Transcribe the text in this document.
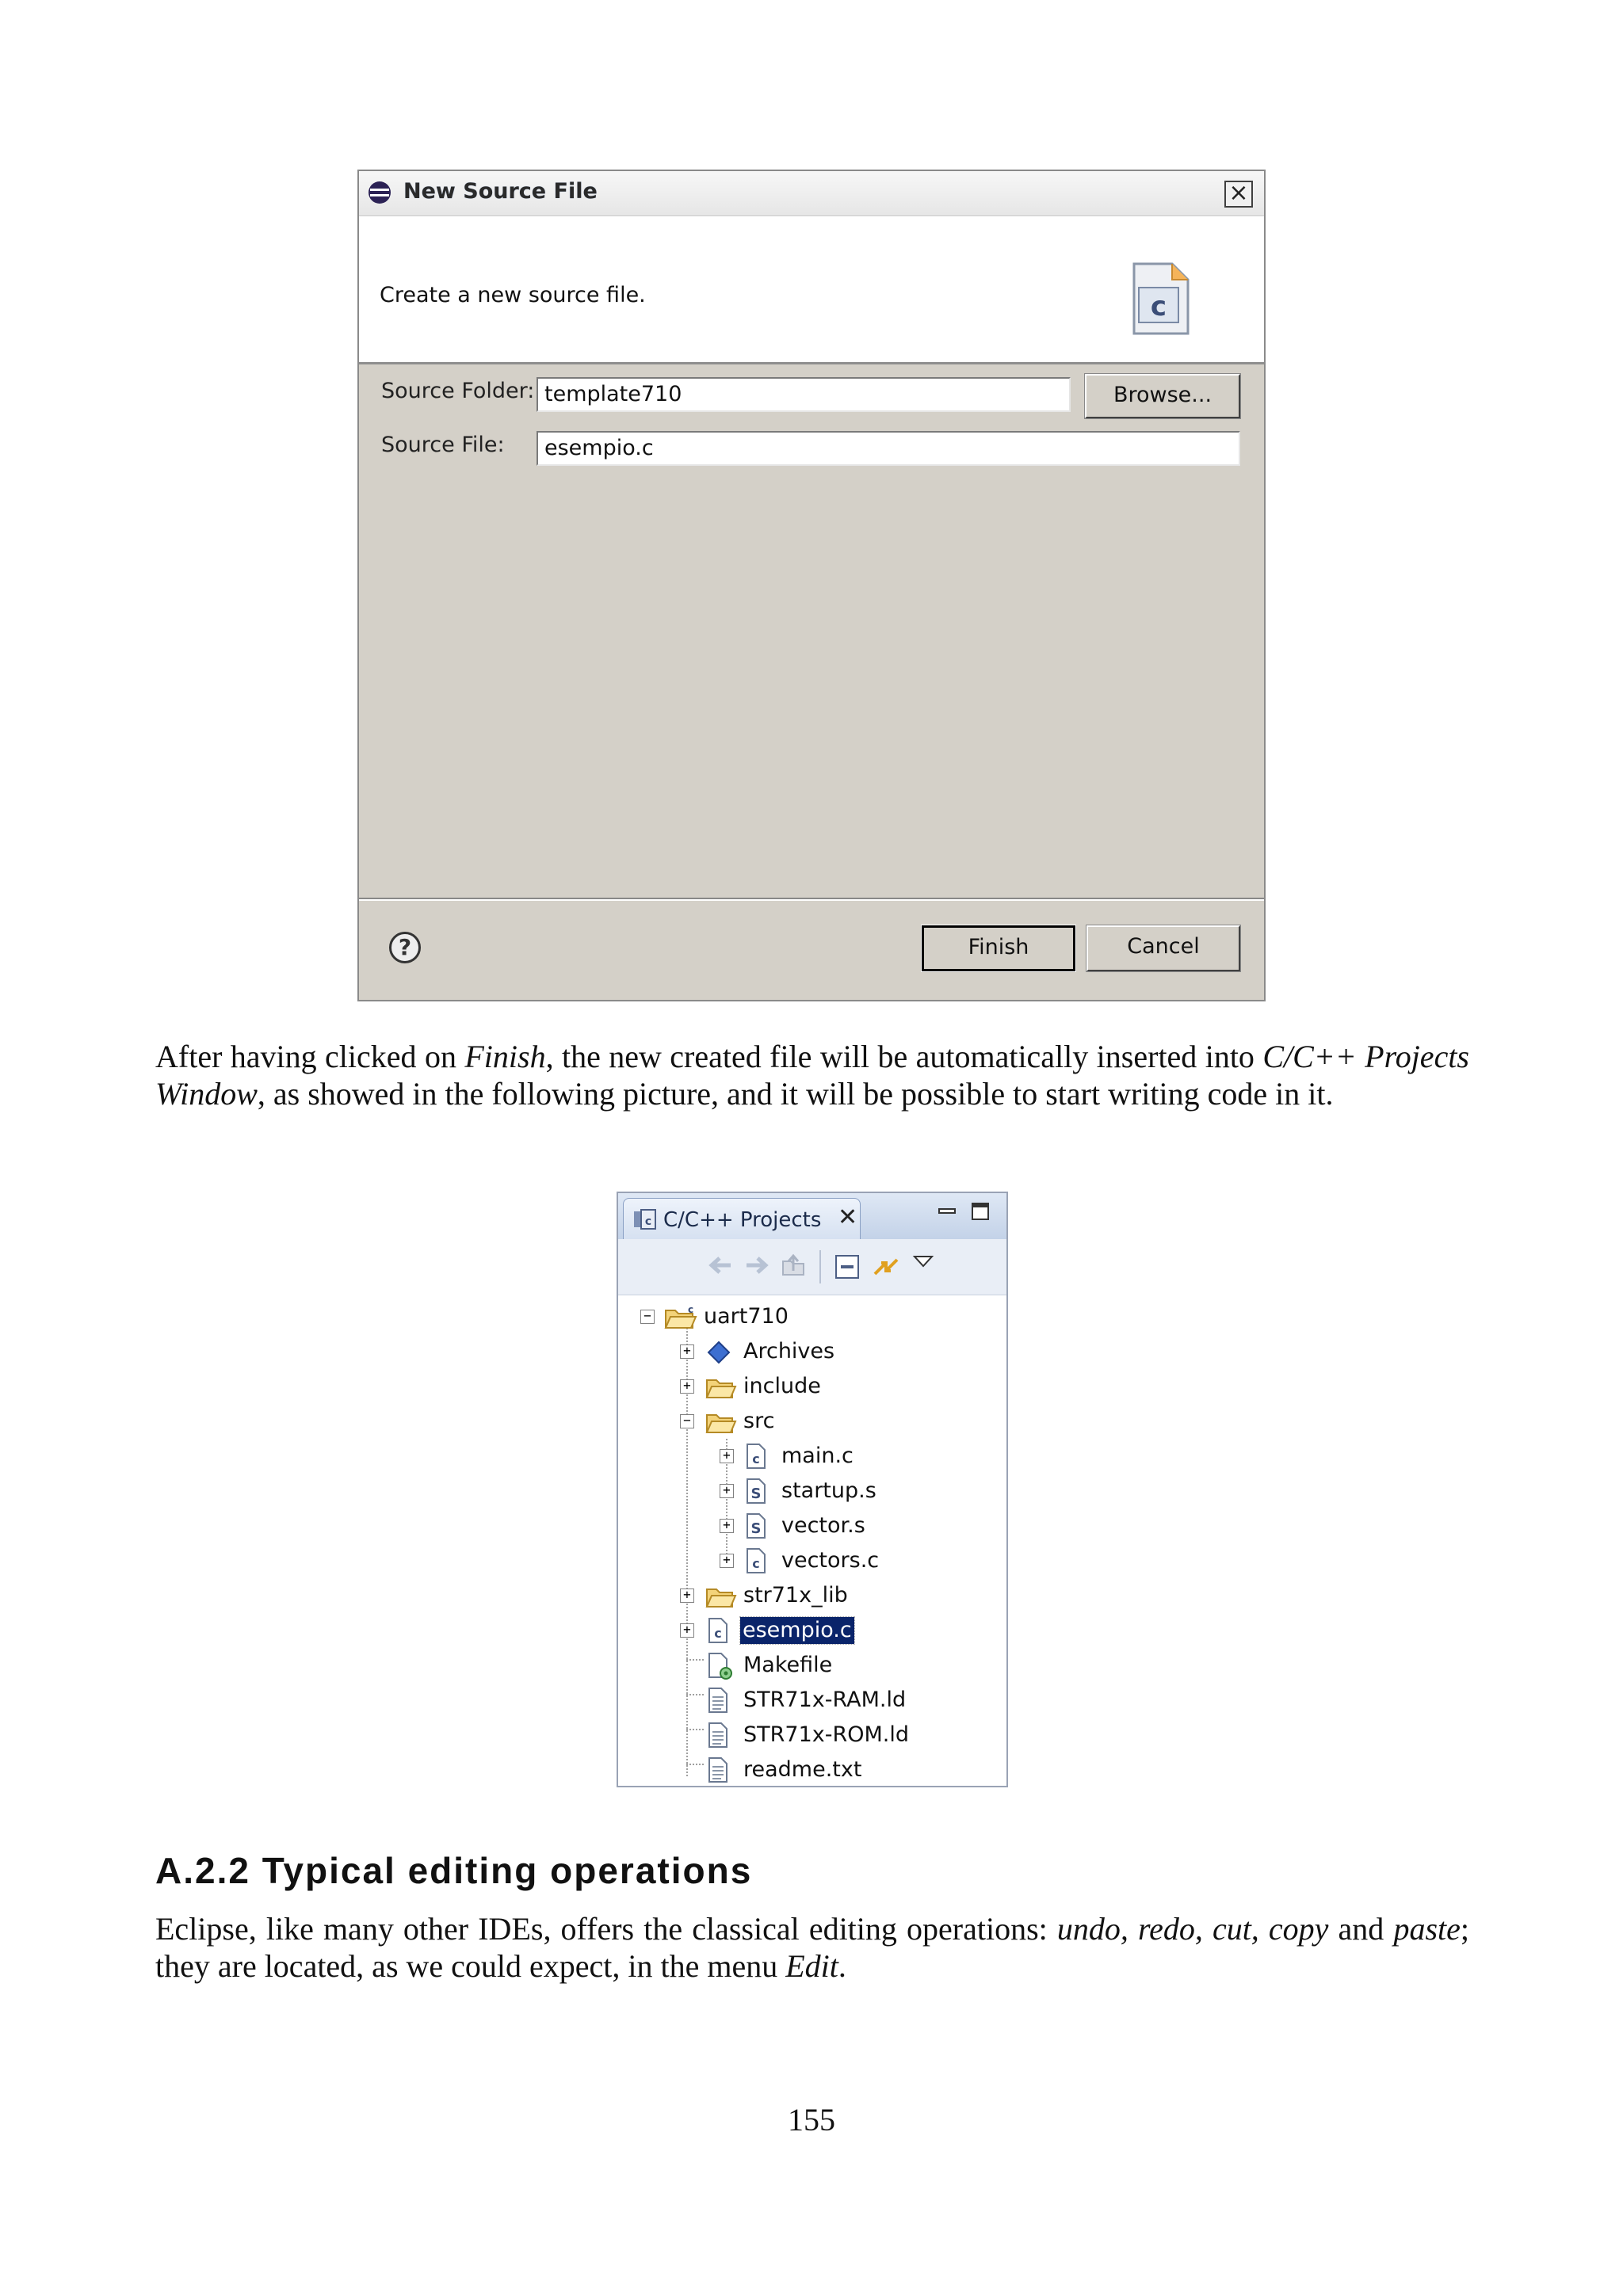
New Source File	×
Create a new source file.	c
Source Folder: template710	Browse...
Source File:	esempio.c
?	Finish	Cancel
After having clicked on Finish, the new created file will be automatically inserted into C/C++ Projects Window, as showed in the following picture, and it will be possible to start writing code in it.
c C/C++ Projects ✕
−	c uart710
+ Archives
+ include
− src
+ c main.c
+ S startup.s
+ S vector.s
+ c vectors.c
+ str71x_lib
+ c esempio.c
Makefile
STR71x-RAM.ld
STR71x-ROM.ld
readme.txt
A.2.2 Typical editing operations
Eclipse, like many other IDEs, offers the classical editing operations: undo, redo, cut, copy and paste; they are located, as we could expect, in the menu Edit.
155
